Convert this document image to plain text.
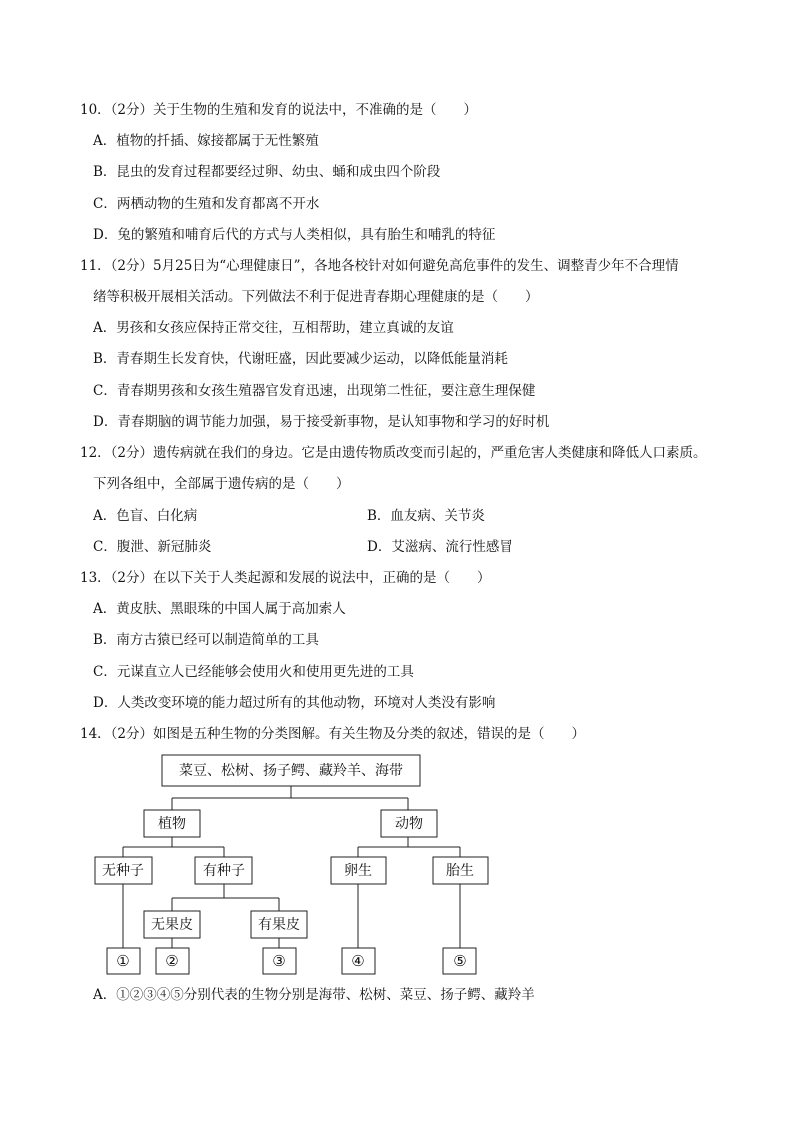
10．（2分）关于生物的生殖和发育的说法中，不准确的是（　　）
A．植物的扦插、嫁接都属于无性繁殖
B．昆虫的发育过程都要经过卵、幼虫、蛹和成虫四个阶段
C．两栖动物的生殖和发育都离不开水
D．兔的繁殖和哺育后代的方式与人类相似，具有胎生和哺乳的特征
11．（2分）5月25日为“心理健康日”，各地各校针对如何避免高危事件的发生、调整青少年不合理情
绪等积极开展相关活动。下列做法不利于促进青春期心理健康的是（　　）
A．男孩和女孩应保持正常交往，互相帮助，建立真诚的友谊
B．青春期生长发育快，代谢旺盛，因此要减少运动，以降低能量消耗
C．青春期男孩和女孩生殖器官发育迅速，出现第二性征，要注意生理保健
D．青春期脑的调节能力加强，易于接受新事物，是认知事物和学习的好时机
12．（2分）遗传病就在我们的身边。它是由遗传物质改变而引起的，严重危害人类健康和降低人口素质。
下列各组中，全部属于遗传病的是（　　）
A．色盲、白化病	B．血友病、关节炎
C．腹泄、新冠肺炎	D．艾滋病、流行性感冒
13．（2分）在以下关于人类起源和发展的说法中，正确的是（　　）
A．黄皮肤、黑眼珠的中国人属于高加索人
B．南方古猿已经可以制造简单的工具
C．元谋直立人已经能够会使用火和使用更先进的工具
D．人类改变环境的能力超过所有的其他动物，环境对人类没有影响
14．（2分）如图是五种生物的分类图解。有关生物及分类的叙述，错误的是（　　）
菜豆、松树、扬子鳄、藏羚羊、海带
植物	动物
无种子	有种子	卵生	胎生
无果皮	有果皮
① ②	③	④	⑤
A．①②③④⑤分别代表的生物分别是海带、松树、菜豆、扬子鳄、藏羚羊
